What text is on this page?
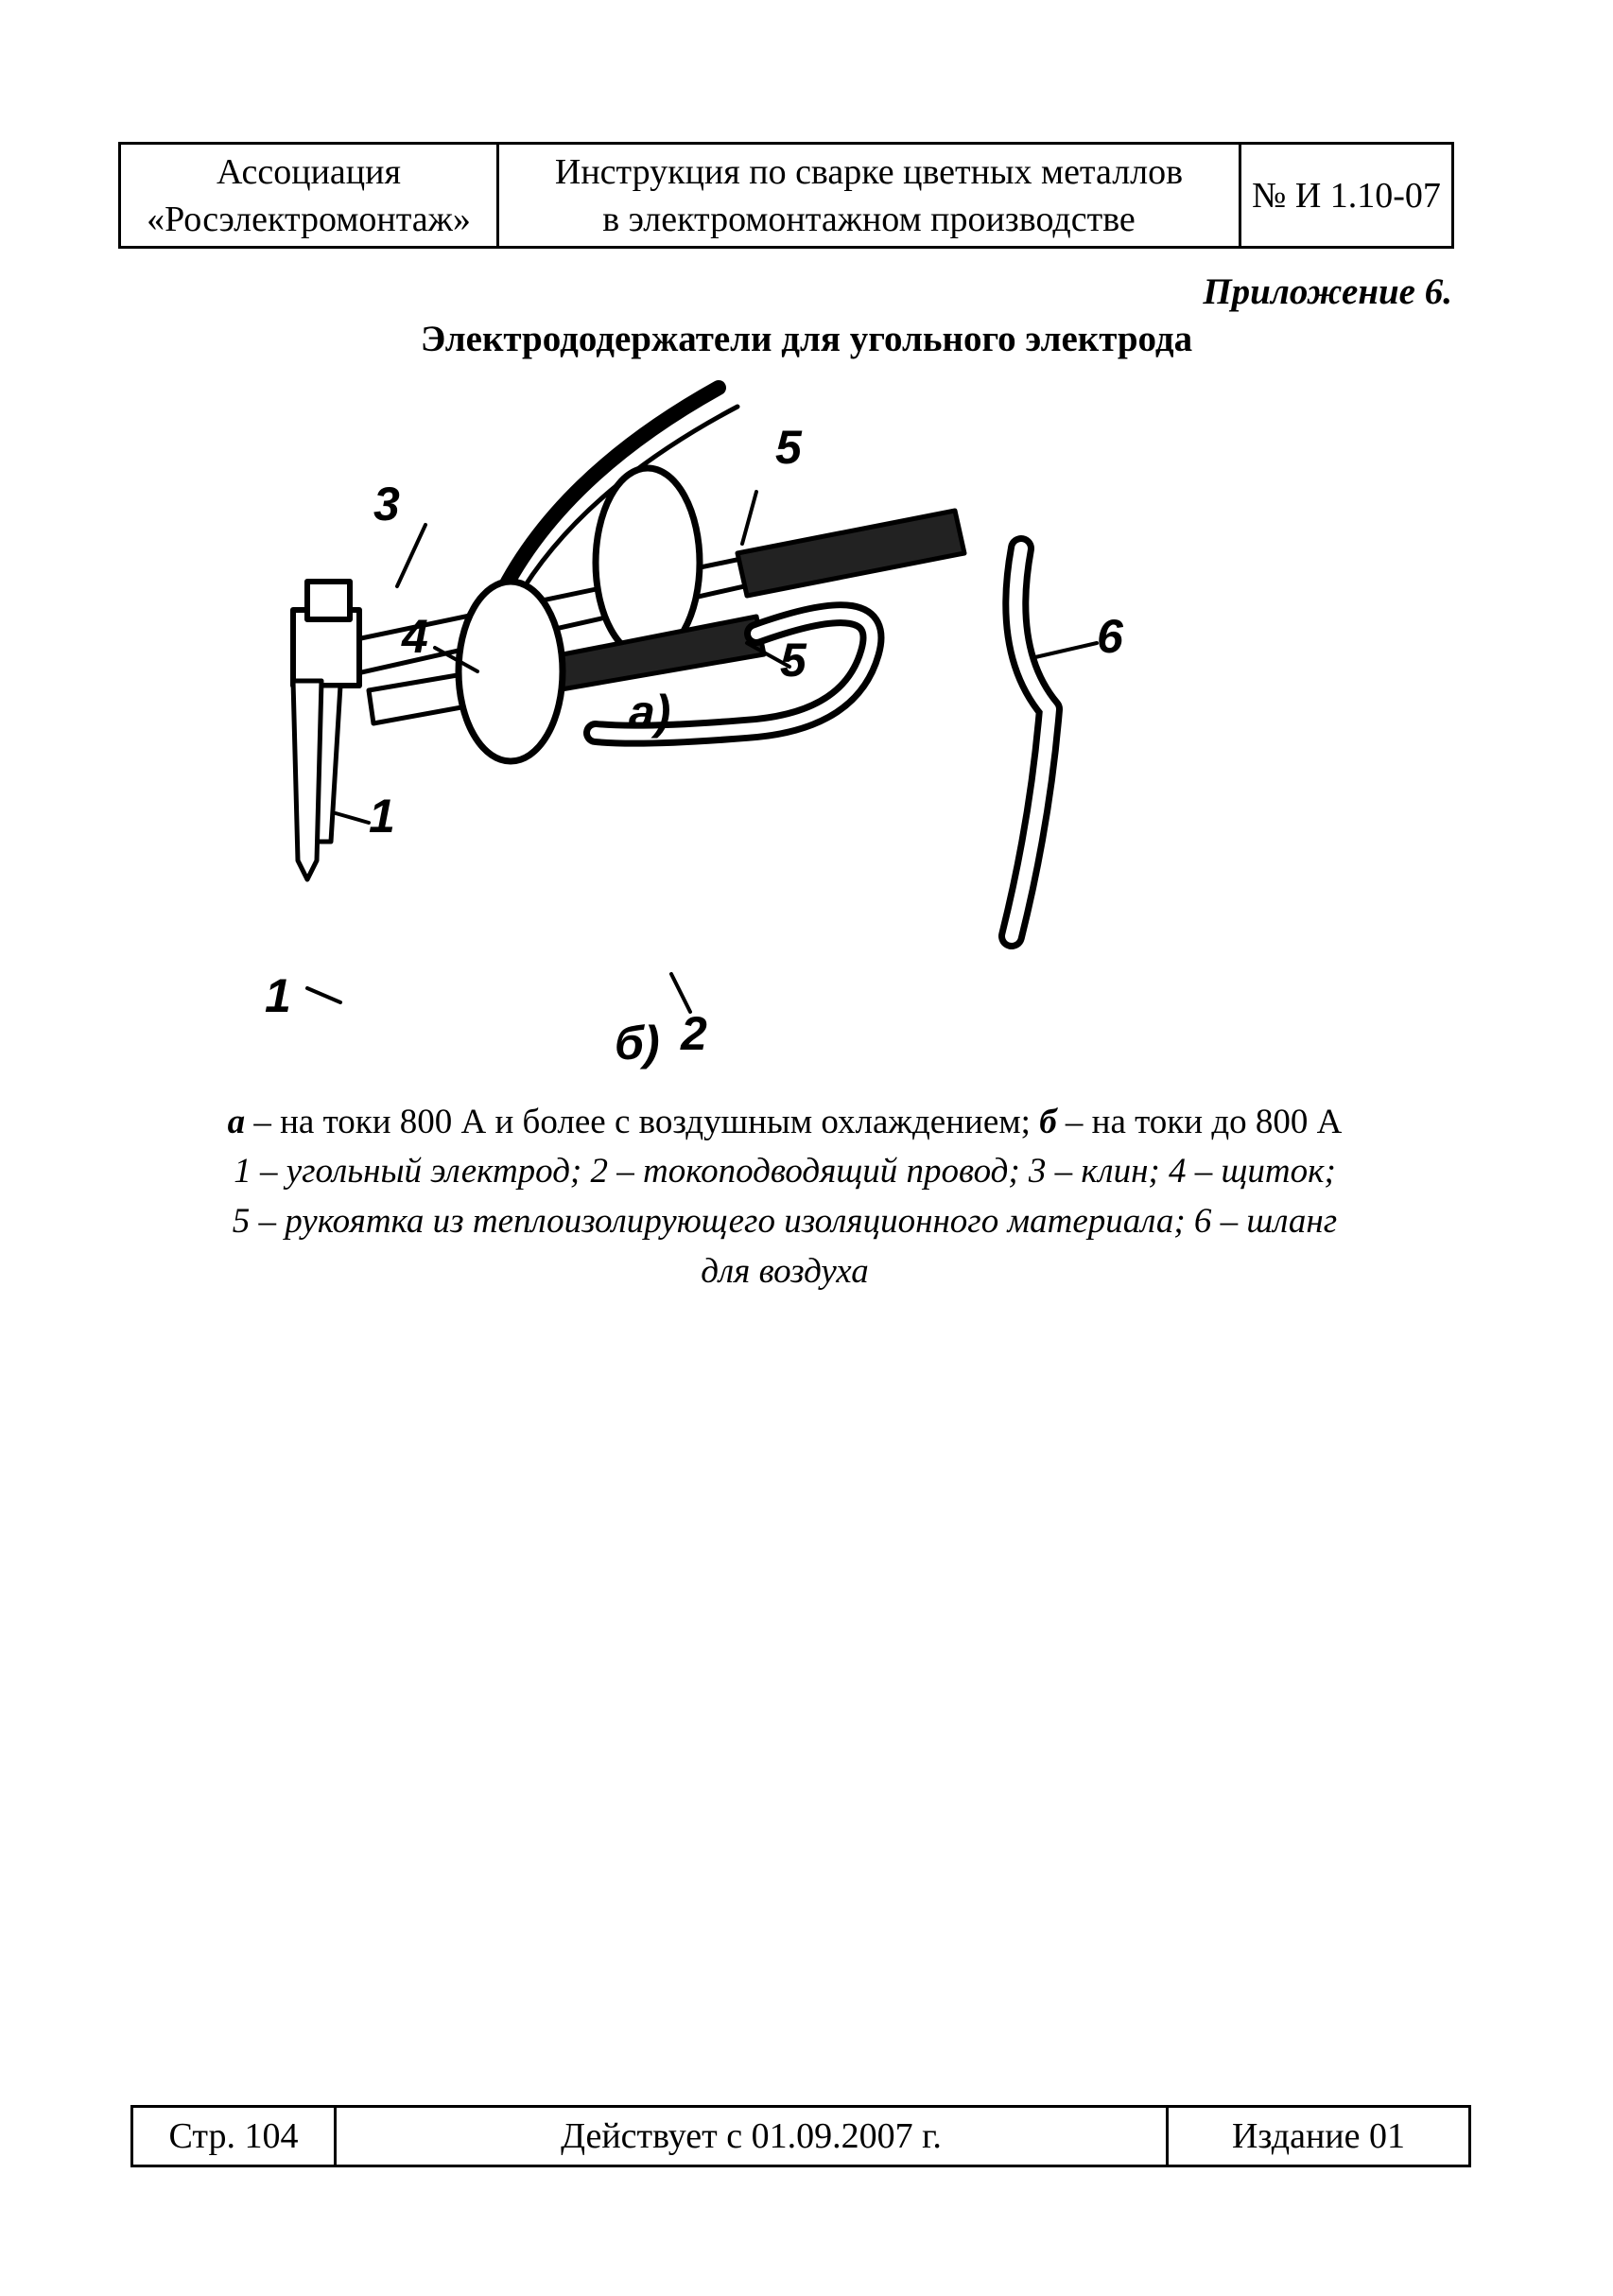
Ассоциация
«Росэлектромонтаж»
Инструкция по сварке цветных металлов
в электромонтажном производстве
№ И 1.10-07
Приложение 6.
Электрододержатели для угольного электрода
3
5
5
4
1
1
а)
б) 2
6
а – на токи 800 А и более с воздушным охлаждением; б – на токи до 800 А
1 – угольный электрод; 2 – токоподводящий провод; 3 – клин; 4 – щиток;
5 – рукоятка из теплоизолирующего изоляционного материала; 6 – шланг
для воздуха
Стр. 104	Действует с 01.09.2007 г.	Издание 01
